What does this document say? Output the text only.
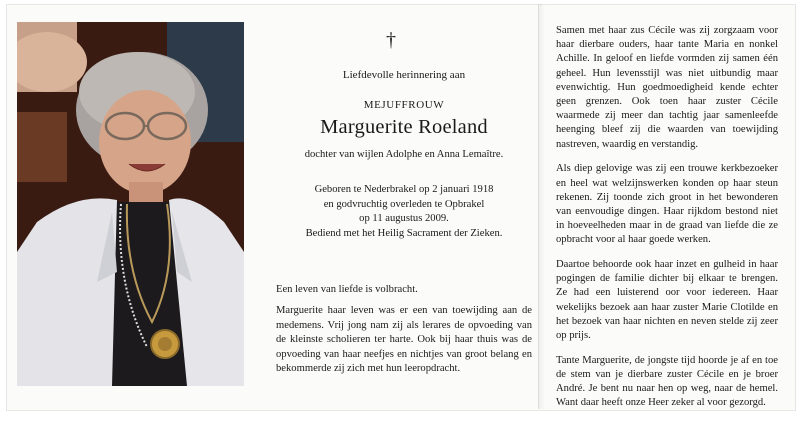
†
Liefdevolle herinnering aan
MEJUFFROUW
Marguerite Roeland
dochter van wijlen Adolphe en Anna Lemaître.
Geboren te Nederbrakel op 2 januari 1918
en godvruchtig overleden te Opbrakel
op 11 augustus 2009.
Bediend met het Heilig Sacrament der Zieken.
Een leven van liefde is volbracht.
Marguerite haar leven was er een van toewijding aan de medemens. Vrij jong nam zij als lerares de opvoeding van de kleinste scholieren ter harte. Ook bij haar thuis was de opvoeding van haar neefjes en nichtjes van groot belang en bekommerde zij zich met hun leeropdracht.

Samen met haar zus Cécile was zij zorgzaam voor haar dierbare ouders, haar tante Maria en nonkel Achille. In geloof en liefde vormden zij samen één geheel. Hun levensstijl was niet uitbundig maar evenwichtig. Hun goedmoedigheid kende echter geen grenzen. Ook toen haar zuster Cécile waarmede zij meer dan tachtig jaar samenleefde heenging bleef zij die waarden van toewijding nastreven, waardig en verstandig.

Als diep gelovige was zij een trouwe kerkbezoeker en heel wat welzijnswerken konden op haar steun rekenen. Zij toonde zich groot in het bewonderen van eenvoudige dingen. Haar rijkdom bestond niet in hoeveelheden maar in de graad van liefde die ze opbracht voor al haar goede werken.

Daartoe behoorde ook haar inzet en gulheid in haar pogingen de familie dichter bij elkaar te brengen. Ze had een luisterend oor voor iedereen. Haar wekelijks bezoek aan haar zuster Marie Clotilde en het bezoek van haar nichten en neven stelde zij zeer op prijs.

Tante Marguerite, de jongste tijd hoorde je af en toe de stem van je dierbare zuster Cécile en je broer André. Je bent nu naar hen op weg, naar de hemel. Want daar heeft onze Heer zeker al voor gezorgd.
